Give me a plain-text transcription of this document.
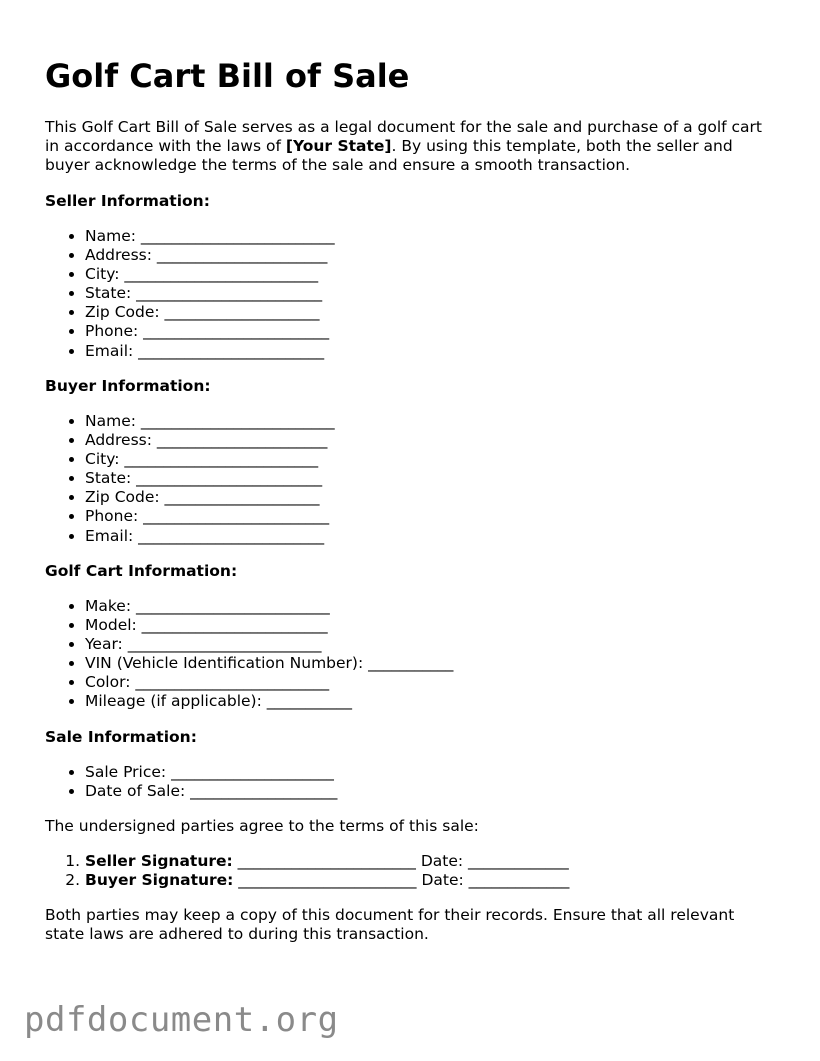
Golf Cart Bill of Sale

This Golf Cart Bill of Sale serves as a legal document for the sale and purchase of a golf cart in accordance with the laws of [Your State]. By using this template, both the seller and buyer acknowledge the terms of the sale and ensure a smooth transaction.

Seller Information:
• Name: _________________________
• Address: ______________________
• City: _________________________
• State: ________________________
• Zip Code: ____________________
• Phone: ________________________
• Email: ________________________
Buyer Information:
• Name: _________________________
• Address: ______________________
• City: _________________________
• State: ________________________
• Zip Code: ____________________
• Phone: ________________________
• Email: ________________________
Golf Cart Information:
• Make: _________________________
• Model: ________________________
• Year: _________________________
• VIN (Vehicle Identification Number): ___________
• Color: _________________________
• Mileage (if applicable): ___________
Sale Information:
• Sale Price: _____________________
• Date of Sale: ___________________

The undersigned parties agree to the terms of this sale:

1. Seller Signature: _______________________ Date: _____________
2. Buyer Signature: _______________________ Date: _____________

Both parties may keep a copy of this document for their records. Ensure that all relevant state laws are adhered to during this transaction.

pdfdocument.org
